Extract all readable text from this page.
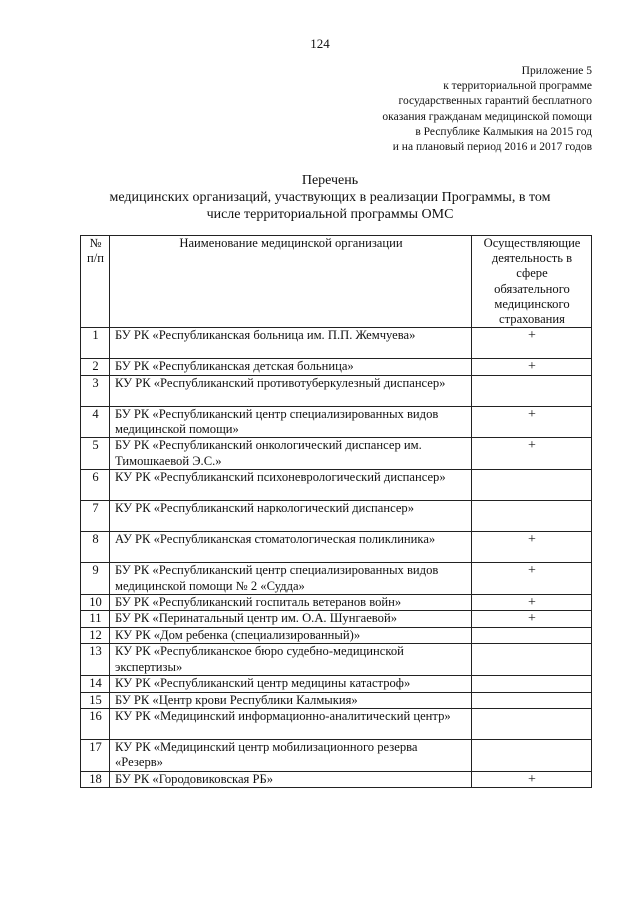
124
Приложение 5
к территориальной программе
государственных гарантий бесплатного
оказания гражданам медицинской помощи
в Республике Калмыкия на 2015 год
и на плановый период 2016 и 2017 годов
Перечень
медицинских организаций, участвующих в реализации Программы, в том
числе территориальной программы ОМС
№ п/п	Наименование медицинской организации	Осуществляющие деятельность в сфере обязательного медицинского страхования
1	БУ РК «Республиканская больница им. П.П. Жемчуева»	+
2	БУ РК «Республиканская детская больница»	+
3	КУ РК «Республиканский противотуберкулезный диспансер»	
4	БУ РК «Республиканский центр специализированных видов медицинской помощи»	+
5	БУ РК «Республиканский онкологический диспансер им. Тимошкаевой Э.С.»	+
6	КУ РК «Республиканский психоневрологический диспансер»	
7	КУ РК «Республиканский наркологический диспансер»	
8	АУ РК «Республиканская стоматологическая поликлиника»	+
9	БУ РК «Республиканский центр специализированных видов медицинской помощи № 2 «Судда»	+
10	БУ РК «Республиканский госпиталь ветеранов войн»	+
11	БУ РК «Перинатальный центр им. О.А. Шунгаевой»	+
12	КУ РК «Дом ребенка (специализированный)»	
13	КУ РК «Республиканское бюро судебно-медицинской экспертизы»	
14	КУ РК «Республиканский центр медицины катастроф»	
15	БУ РК «Центр крови Республики Калмыкия»	
16	КУ РК «Медицинский информационно-аналитический центр»	
17	КУ РК «Медицинский центр мобилизационного резерва «Резерв»	
18	БУ РК «Городовиковская РБ»	+
